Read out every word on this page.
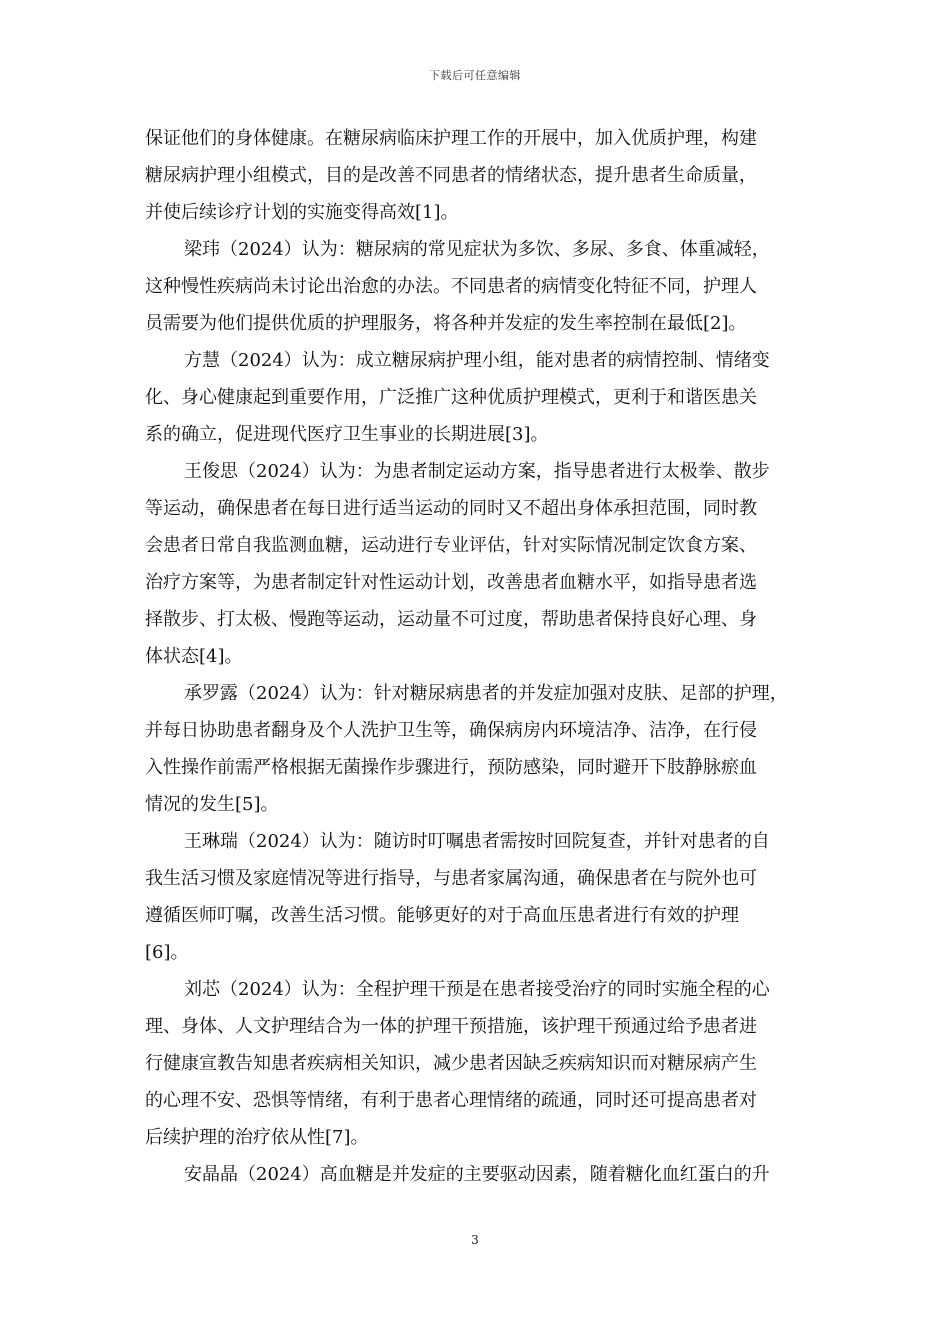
下载后可任意编辑
保证他们的身体健康。在糖尿病临床护理工作的开展中，加入优质护理，构建
糖尿病护理小组模式，目的是改善不同患者的情绪状态，提升患者生命质量，
并使后续诊疗计划的实施变得高效[1]。
梁玮（2024）认为：糖尿病的常见症状为多饮、多尿、多食、体重减轻，
这种慢性疾病尚未讨论出治愈的办法。不同患者的病情变化特征不同，护理人
员需要为他们提供优质的护理服务，将各种并发症的发生率控制在最低[2]。
方慧（2024）认为：成立糖尿病护理小组，能对患者的病情控制、情绪变
化、身心健康起到重要作用，广泛推广这种优质护理模式，更利于和谐医患关
系的确立，促进现代医疗卫生事业的长期进展[3]。
王俊思（2024）认为：为患者制定运动方案，指导患者进行太极拳、散步
等运动，确保患者在每日进行适当运动的同时又不超出身体承担范围，同时教
会患者日常自我监测血糖，运动进行专业评估，针对实际情况制定饮食方案、
治疗方案等，为患者制定针对性运动计划，改善患者血糖水平，如指导患者选
择散步、打太极、慢跑等运动，运动量不可过度，帮助患者保持良好心理、身
体状态[4]。
承罗露（2024）认为：针对糖尿病患者的并发症加强对皮肤、足部的护理，
并每日协助患者翻身及个人洗护卫生等，确保病房内环境洁净、洁净，在行侵
入性操作前需严格根据无菌操作步骤进行，预防感染，同时避开下肢静脉瘀血
情况的发生[5]。
王琳瑞（2024）认为：随访时叮嘱患者需按时回院复查，并针对患者的自
我生活习惯及家庭情况等进行指导，与患者家属沟通，确保患者在与院外也可
遵循医师叮嘱，改善生活习惯。能够更好的对于高血压患者进行有效的护理
[6]。
刘芯（2024）认为：全程护理干预是在患者接受治疗的同时实施全程的心
理、身体、人文护理结合为一体的护理干预措施，该护理干预通过给予患者进
行健康宣教告知患者疾病相关知识，减少患者因缺乏疾病知识而对糖尿病产生
的心理不安、恐惧等情绪，有利于患者心理情绪的疏通，同时还可提高患者对
后续护理的治疗依从性[7]。
安晶晶（2024）高血糖是并发症的主要驱动因素，随着糖化血红蛋白的升
3
